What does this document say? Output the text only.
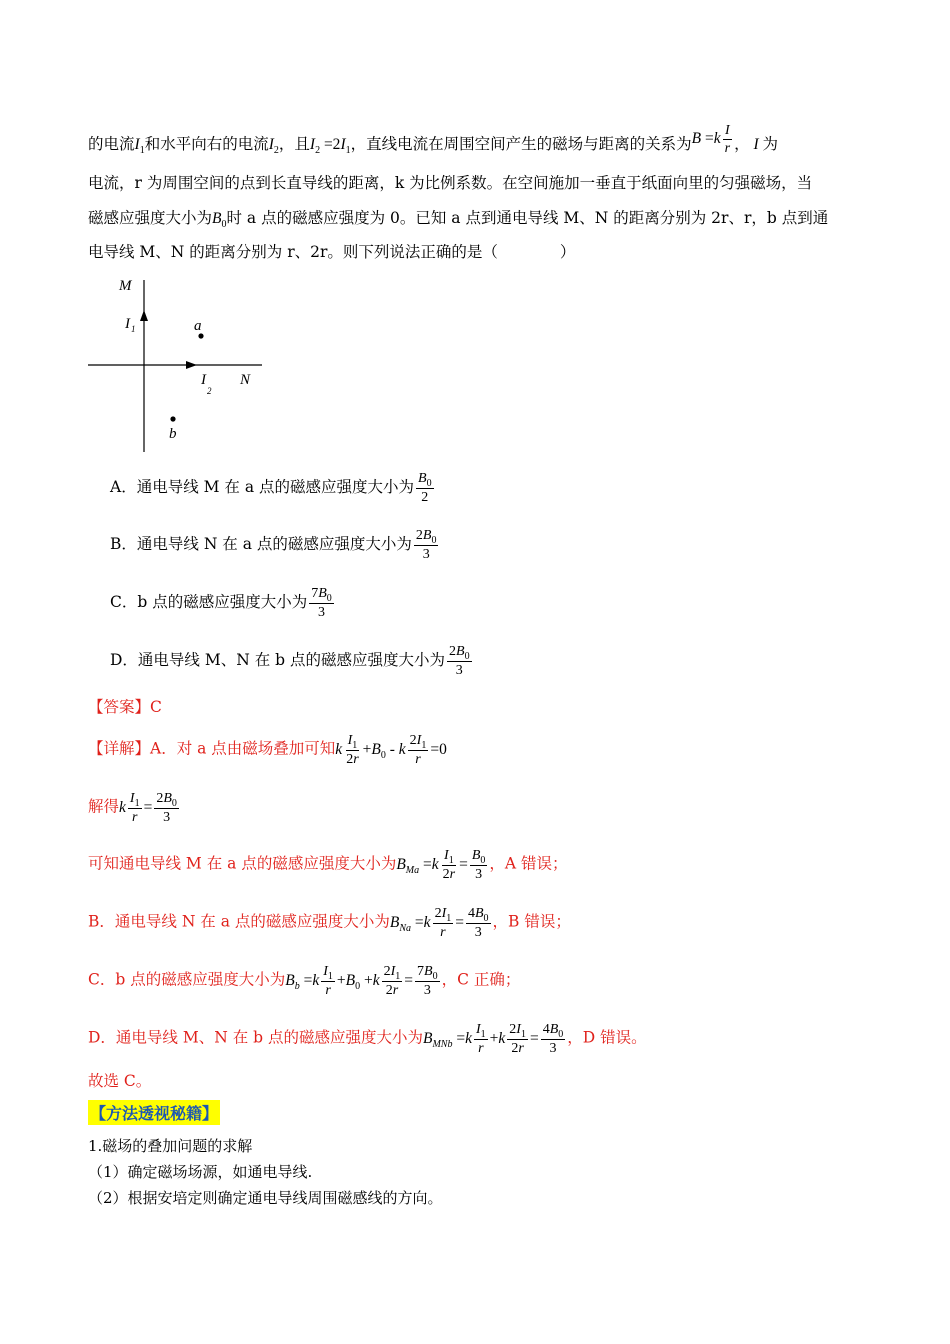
的电流$I_1$和水平向右的电流$I_2$，且$I_2 =2I_1$，直线电流在周围空间产生的磁场与距离的关系为$B =k \frac{I}{r}$ ， I 为
电流，r 为周围空间的点到长直导线的距离，k 为比例系数。在空间施加一垂直于纸面向里的匀强磁场，当
磁感应强度大小为$B_0$时 a 点的磁感应强度为 0。已知 a 点到通电导线 M、N 的距离分别为 2r、r，b 点到通
电导线 M、N 的距离分别为 r、2r。则下列说法正确的是（　　　　）
M
N
I 1
I
2
a
b
A．通电导线 M 在 a 点的磁感应强度大小为 $\frac{B_0}{2}$
B．通电导线 N 在 a 点的磁感应强度大小为 $\frac{2B_0}{3}$
C．b 点的磁感应强度大小为 $\frac{7B_0}{3}$
D．通电导线 M、N 在 b 点的磁感应强度大小为 $\frac{2B_0}{3}$
【答案】C
【详解】A．对 a 点由磁场叠加可知k $\frac{I_1}{2r} +B_0 - k \frac{2I_1}{r} =0$
解得k $\frac{I_1}{r} = \frac{2B_0}{3}$
可知通电导线 M 在 a 点的磁感应强度大小为$B_{Ma} =k \frac{I_1}{2r} = \frac{B_0}{3}$ ，A 错误；
B．通电导线 N 在 a 点的磁感应强度大小为$B_{Na} =k \frac{2I_1}{r} = \frac{4B_0}{3}$ ，B 错误；
C．b 点的磁感应强度大小为$B_b =k \frac{I_1}{r} +B_0 +k \frac{2I_1}{2r} = \frac{7B_0}{3}$ ，C 正确；
D．通电导线 M、N 在 b 点的磁感应强度大小为$B_{MNb} =k \frac{I_1}{r} +k \frac{2I_1}{2r} = \frac{4B_0}{3}$ ，D 错误。
故选 C。
【方法透视秘籍】
1.磁场的叠加问题的求解
（1）确定磁场场源，如通电导线.
（2）根据安培定则确定通电导线周围磁感线的方向。
